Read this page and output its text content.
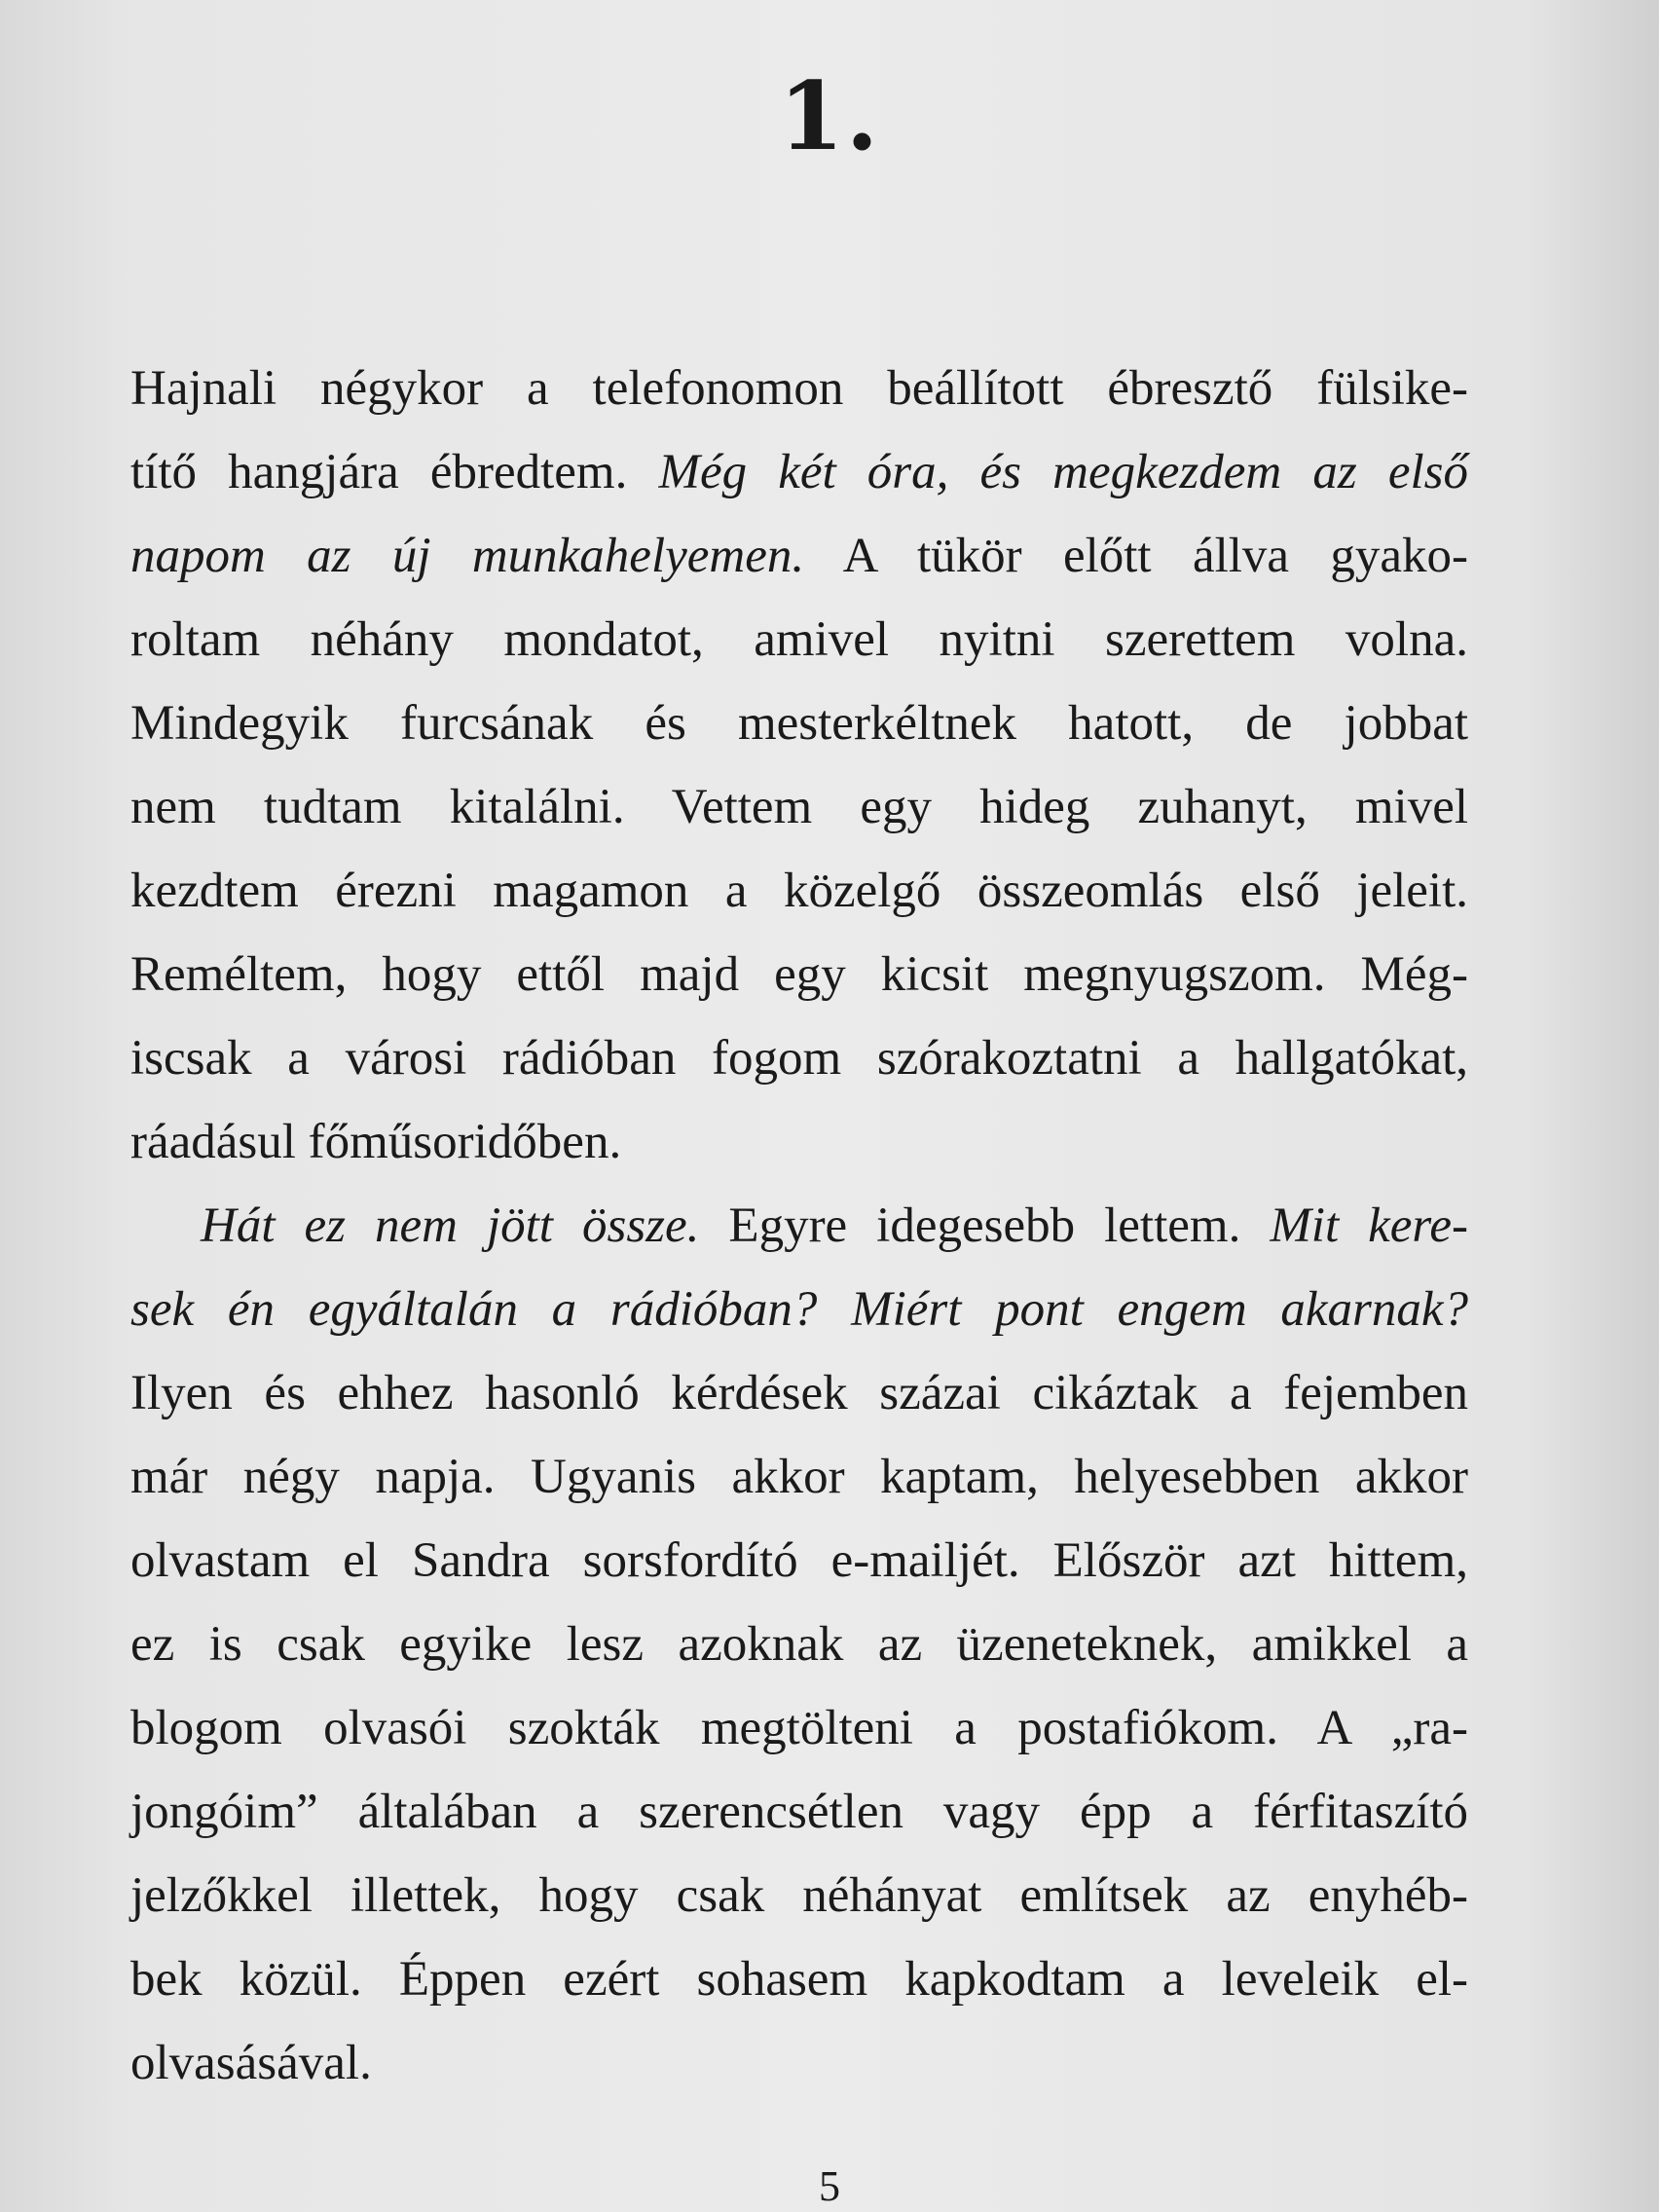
1.
Hajnali négykor a telefonomon beállított ébresztő fülsike-
títő hangjára ébredtem. Még két óra, és megkezdem az első
napom az új munkahelyemen. A tükör előtt állva gyako-
roltam néhány mondatot, amivel nyitni szerettem volna.
Mindegyik furcsának és mesterkéltnek hatott, de jobbat
nem tudtam kitalálni. Vettem egy hideg zuhanyt, mivel
kezdtem érezni magamon a közelgő összeomlás első jeleit.
Reméltem, hogy ettől majd egy kicsit megnyugszom. Még-
iscsak a városi rádióban fogom szórakoztatni a hallgatókat,
ráadásul főműsoridőben.
Hát ez nem jött össze. Egyre idegesebb lettem. Mit kere-
sek én egyáltalán a rádióban? Miért pont engem akarnak?
Ilyen és ehhez hasonló kérdések százai cikáztak a fejemben
már négy napja. Ugyanis akkor kaptam, helyesebben akkor
olvastam el Sandra sorsfordító e-mailjét. Először azt hittem,
ez is csak egyike lesz azoknak az üzeneteknek, amikkel a
blogom olvasói szokták megtölteni a postafiókom. A „ra-
jongóim” általában a szerencsétlen vagy épp a férfitaszító
jelzőkkel illettek, hogy csak néhányat említsek az enyhéb-
bek közül. Éppen ezért sohasem kapkodtam a leveleik el-
olvasásával.
5
